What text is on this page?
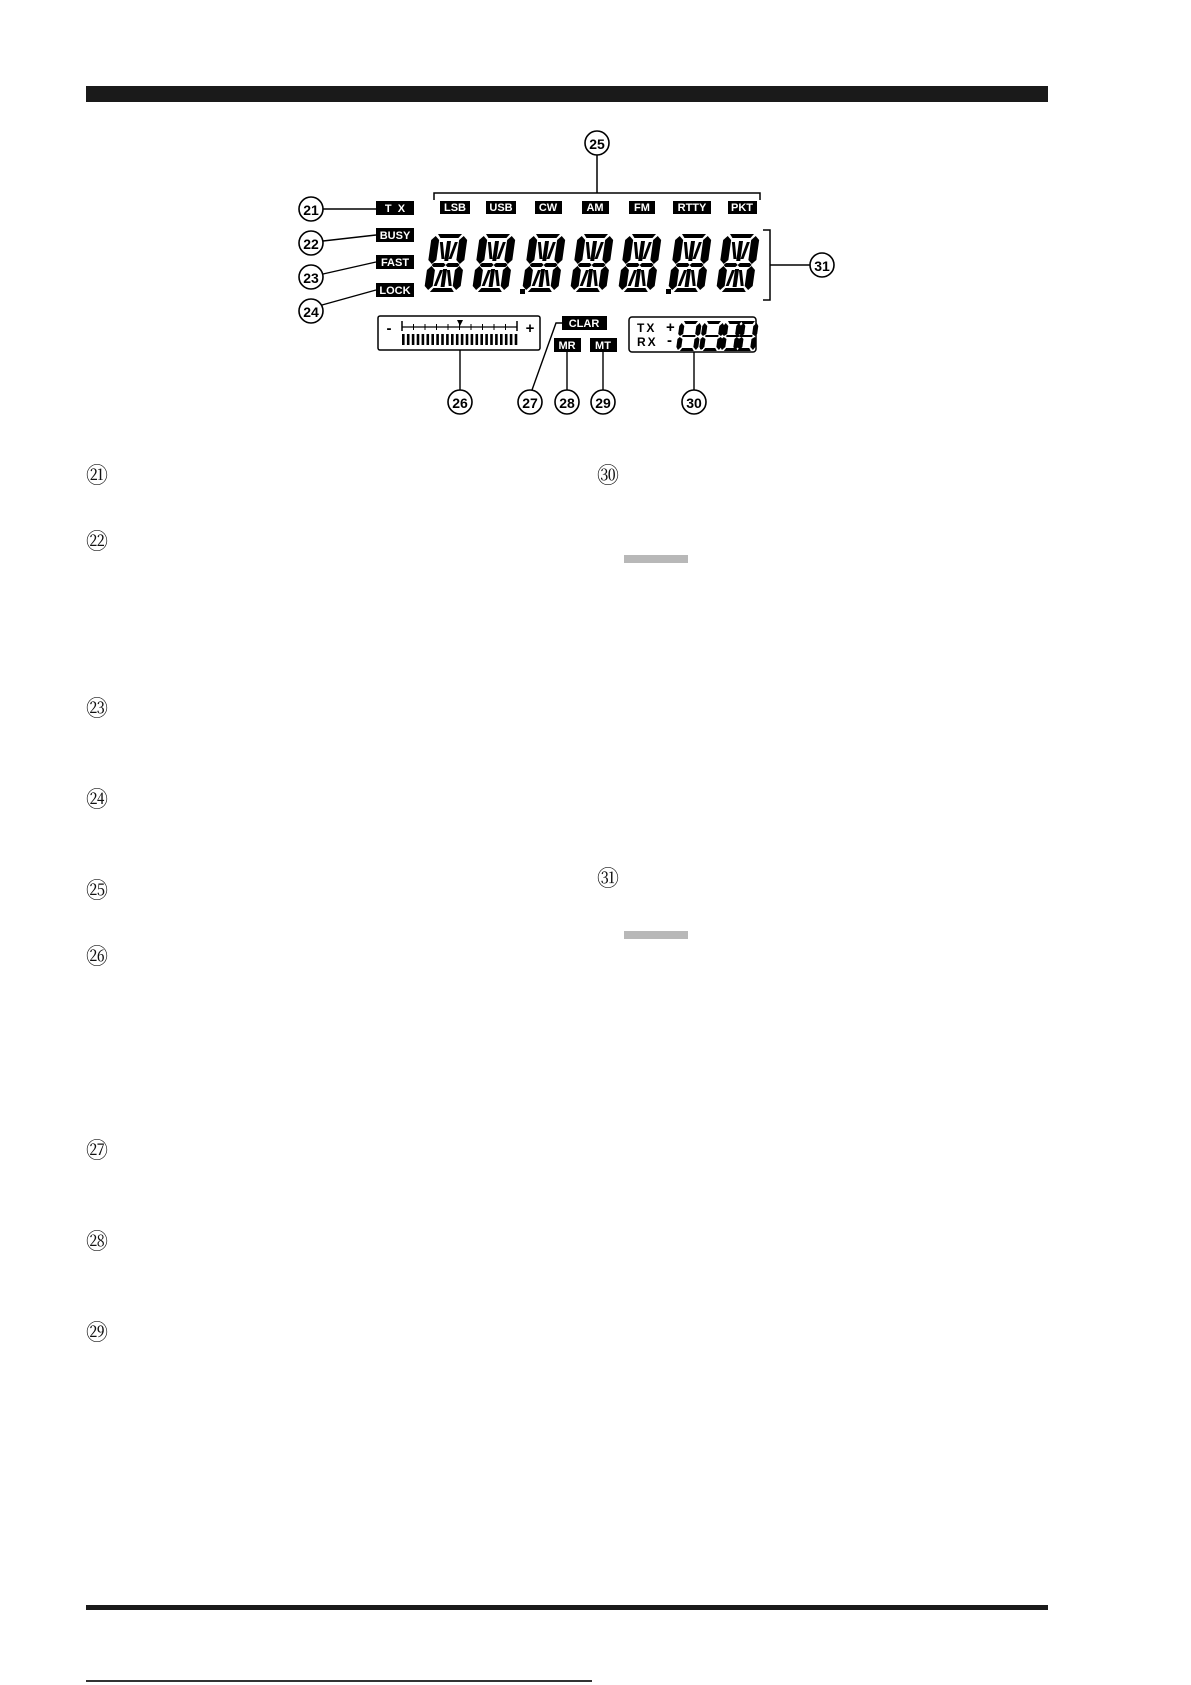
25
LSB USB CW	AM	FM	RTTY PKT
T  X
BUSY
FAST
LOCK
21
22
23
24
31
-	+
26
CLAR
MR MT
27 28 29
TX
RX
+
-
30
㉑
㉒
㉓
㉔
㉕
㉖
㉗
㉘
㉙
㉚
㉛
